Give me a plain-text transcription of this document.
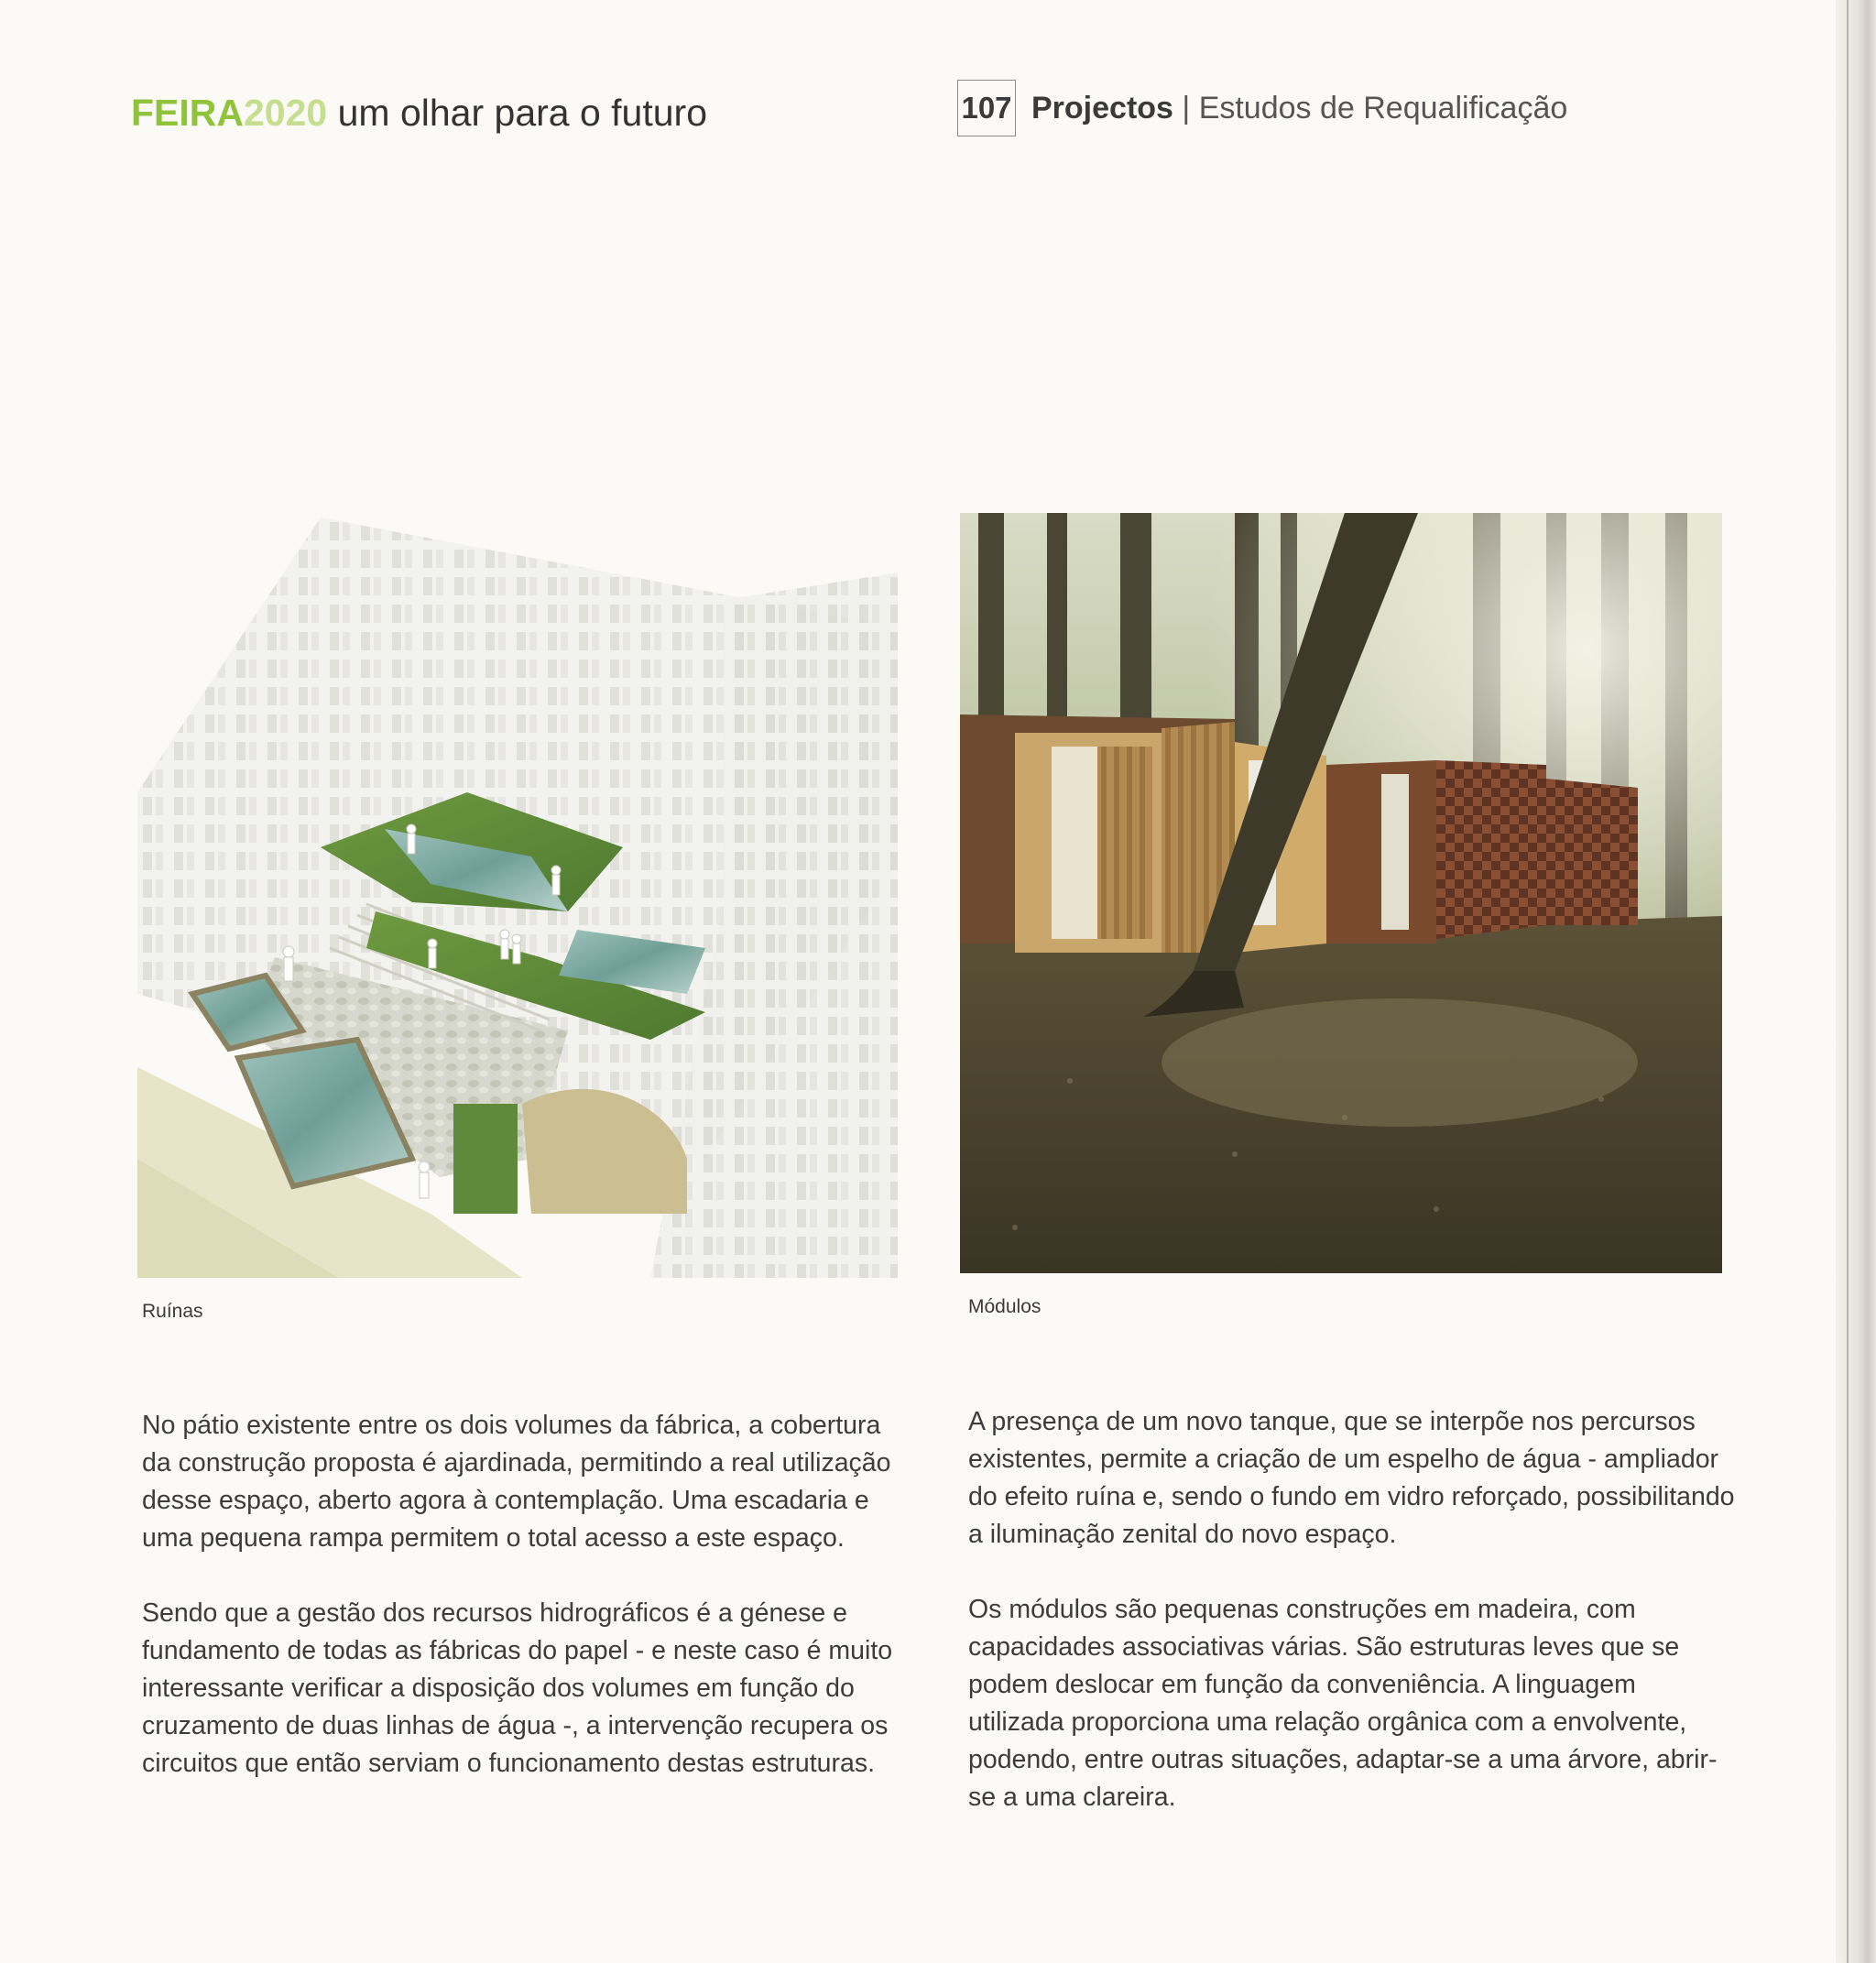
FEIRA2020 um olhar para o futuro	107 Projectos | Estudos de Requalificação
Ruínas	Módulos

No pátio existente entre os dois volumes da fábrica, a cobertura da construção proposta é ajardinada, permitindo a real utilização desse espaço, aberto agora à contemplação. Uma escadaria e uma pequena rampa permitem o total acesso a este espaço.

Sendo que a gestão dos recursos hidrográficos é a génese e fundamento de todas as fábricas do papel - e neste caso é muito interessante verificar a disposição dos volumes em função do cruzamento de duas linhas de água -, a intervenção recupera os circuitos que então serviam o funcionamento destas estruturas.

A presença de um novo tanque, que se interpõe nos percursos existentes, permite a criação de um espelho de água - ampliador do efeito ruína e, sendo o fundo em vidro reforçado, possibilitando a iluminação zenital do novo espaço.

Os módulos são pequenas construções em madeira, com capacidades associativas várias. São estruturas leves que se podem deslocar em função da conveniência. A linguagem utilizada proporciona uma relação orgânica com a envolvente, podendo, entre outras situações, adaptar-se a uma árvore, abrir-se a uma clareira.
